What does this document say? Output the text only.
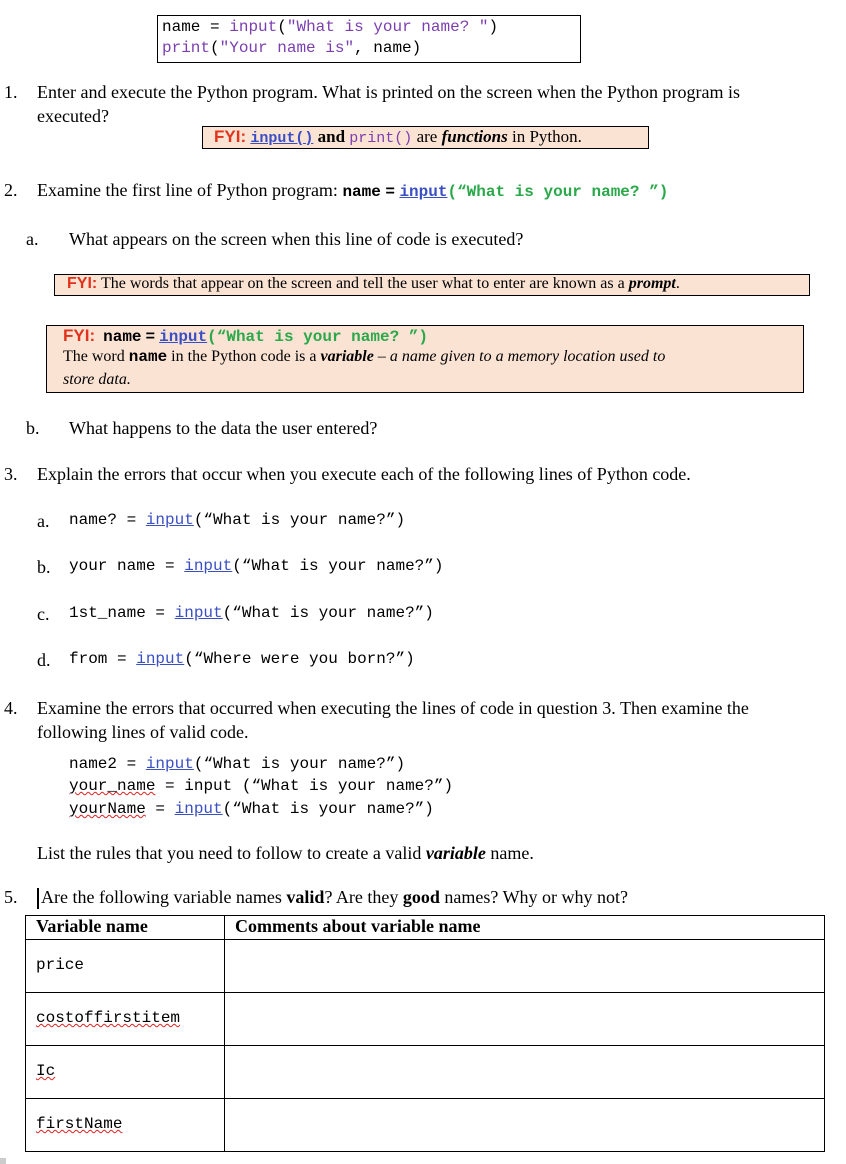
name = input("What is your name? ")
print("Your name is", name)
1. Enter and execute the Python program. What is printed on the screen when the Python program is
executed?
FYI: input() and print() are functions in Python.
2. Examine the first line of Python program: name = input(“What is your name? ”)
a. What appears on the screen when this line of code is executed?
FYI: The words that appear on the screen and tell the user what to enter are known as a prompt.
FYI: name = input(“What is your name? ”)
The word name in the Python code is a variable – a name given to a memory location used to
store data.
b. What happens to the data the user entered?
3. Explain the errors that occur when you execute each of the following lines of Python code.
a. name? = input(“What is your name?”)
b. your name = input(“What is your name?”)
c. 1st_name = input(“What is your name?”)
d. from = input(“Where were you born?”)
4. Examine the errors that occurred when executing the lines of code in question 3. Then examine the
following lines of valid code.
name2 = input(“What is your name?”)
your_name = input (“What is your name?”)
yourName = input(“What is your name?”)
List the rules that you need to follow to create a valid variable name.
5. Are the following variable names valid? Are they good names? Why or why not?
Variable name	Comments about variable name
price	
costoffirstitem	
Ic	
firstName	
